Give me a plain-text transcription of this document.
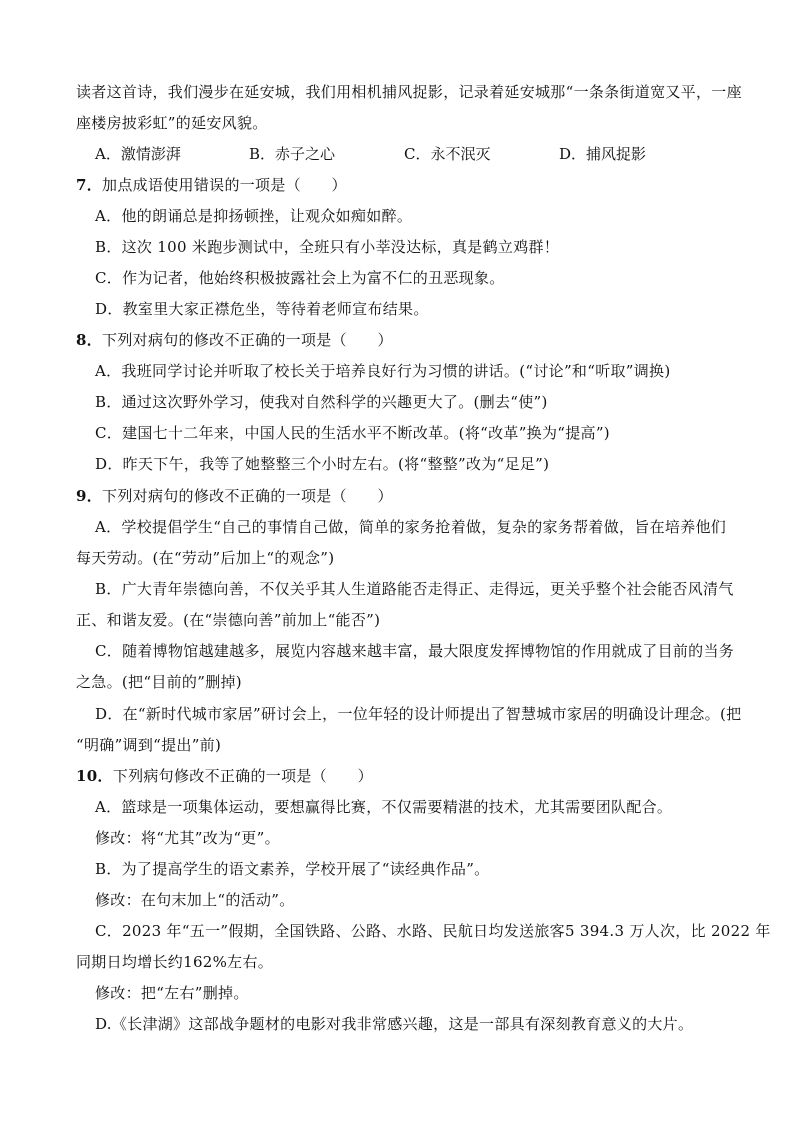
读者这首诗，我们漫步在延安城，我们用相机捕风捉影，记录着延安城那“一条条街道宽又平，一座
座楼房披彩虹”的延安风貌。
A．激情澎湃	B．赤子之心	C．永不泯灭	D．捕风捉影
7．加点成语使用错误的一项是（　　）
A．他的朗诵总是抑扬顿挫，让观众如痴如醉。
B．这次 100 米跑步测试中，全班只有小莘没达标，真是鹤立鸡群！
C．作为记者，他始终积极披露社会上为富不仁的丑恶现象。
D．教室里大家正襟危坐，等待着老师宣布结果。
8．下列对病句的修改不正确的一项是（　　）
A．我班同学讨论并听取了校长关于培养良好行为习惯的讲话。(“讨论”和“听取”调换)
B．通过这次野外学习，使我对自然科学的兴趣更大了。(删去“使”)
C．建国七十二年来，中国人民的生活水平不断改革。(将“改革”换为“提高”)
D．昨天下午，我等了她整整三个小时左右。(将“整整”改为“足足”)
9．下列对病句的修改不正确的一项是（　　）
A．学校提倡学生“自己的事情自己做，简单的家务抢着做，复杂的家务帮着做，旨在培养他们
每天劳动。(在“劳动”后加上“的观念”)
B．广大青年崇德向善，不仅关乎其人生道路能否走得正、走得远，更关乎整个社会能否风清气
正、和谐友爱。(在“崇德向善”前加上“能否”)
C．随着博物馆越建越多，展览内容越来越丰富，最大限度发挥博物馆的作用就成了目前的当务
之急。(把“目前的”删掉)
D．在“新时代城市家居”研讨会上，一位年轻的设计师提出了智慧城市家居的明确设计理念。(把
“明确”调到“提出”前)
10．下列病句修改不正确的一项是（　　）
A．篮球是一项集体运动，要想赢得比赛，不仅需要精湛的技术，尤其需要团队配合。
修改：将“尤其”改为“更”。
B．为了提高学生的语文素养，学校开展了“读经典作品”。
修改：在句末加上“的活动”。
C．2023 年“五一”假期，全国铁路、公路、水路、民航日均发送旅客5 394.3 万人次，比 2022 年
同期日均增长约162%左右。
修改：把“左右”删掉。
D.《长津湖》这部战争题材的电影对我非常感兴趣，这是一部具有深刻教育意义的大片。
